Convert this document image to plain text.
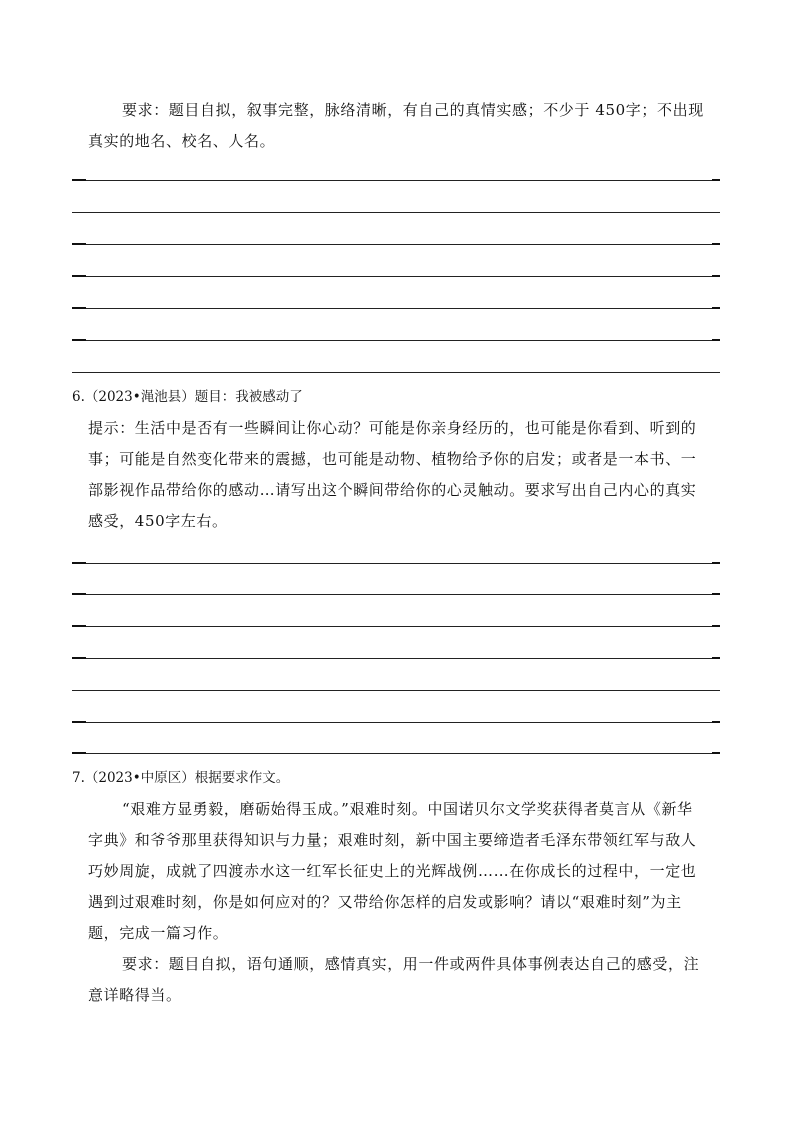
要求：题目自拟，叙事完整，脉络清晰，有自己的真情实感；不少于 450字；不出现
真实的地名、校名、人名。

6.（2023•渑池县）题目：我被感动了

提示：生活中是否有一些瞬间让你心动？可能是你亲身经历的，也可能是你看到、听到的
事；可能是自然变化带来的震撼，也可能是动物、植物给予你的启发；或者是一本书、一
部影视作品带给你的感动…请写出这个瞬间带给你的心灵触动。要求写出自己内心的真实
感受，450字左右。

7.（2023•中原区）根据要求作文。

“艰难方显勇毅，磨砺始得玉成。”艰难时刻。中国诺贝尔文学奖获得者莫言从《新华
字典》和爷爷那里获得知识与力量；艰难时刻，新中国主要缔造者毛泽东带领红军与敌人
巧妙周旋，成就了四渡赤水这一红军长征史上的光辉战例……在你成长的过程中，一定也
遇到过艰难时刻，你是如何应对的？又带给你怎样的启发或影响？请以“艰难时刻”为主
题，完成一篇习作。
要求：题目自拟，语句通顺，感情真实，用一件或两件具体事例表达自己的感受，注
意详略得当。
